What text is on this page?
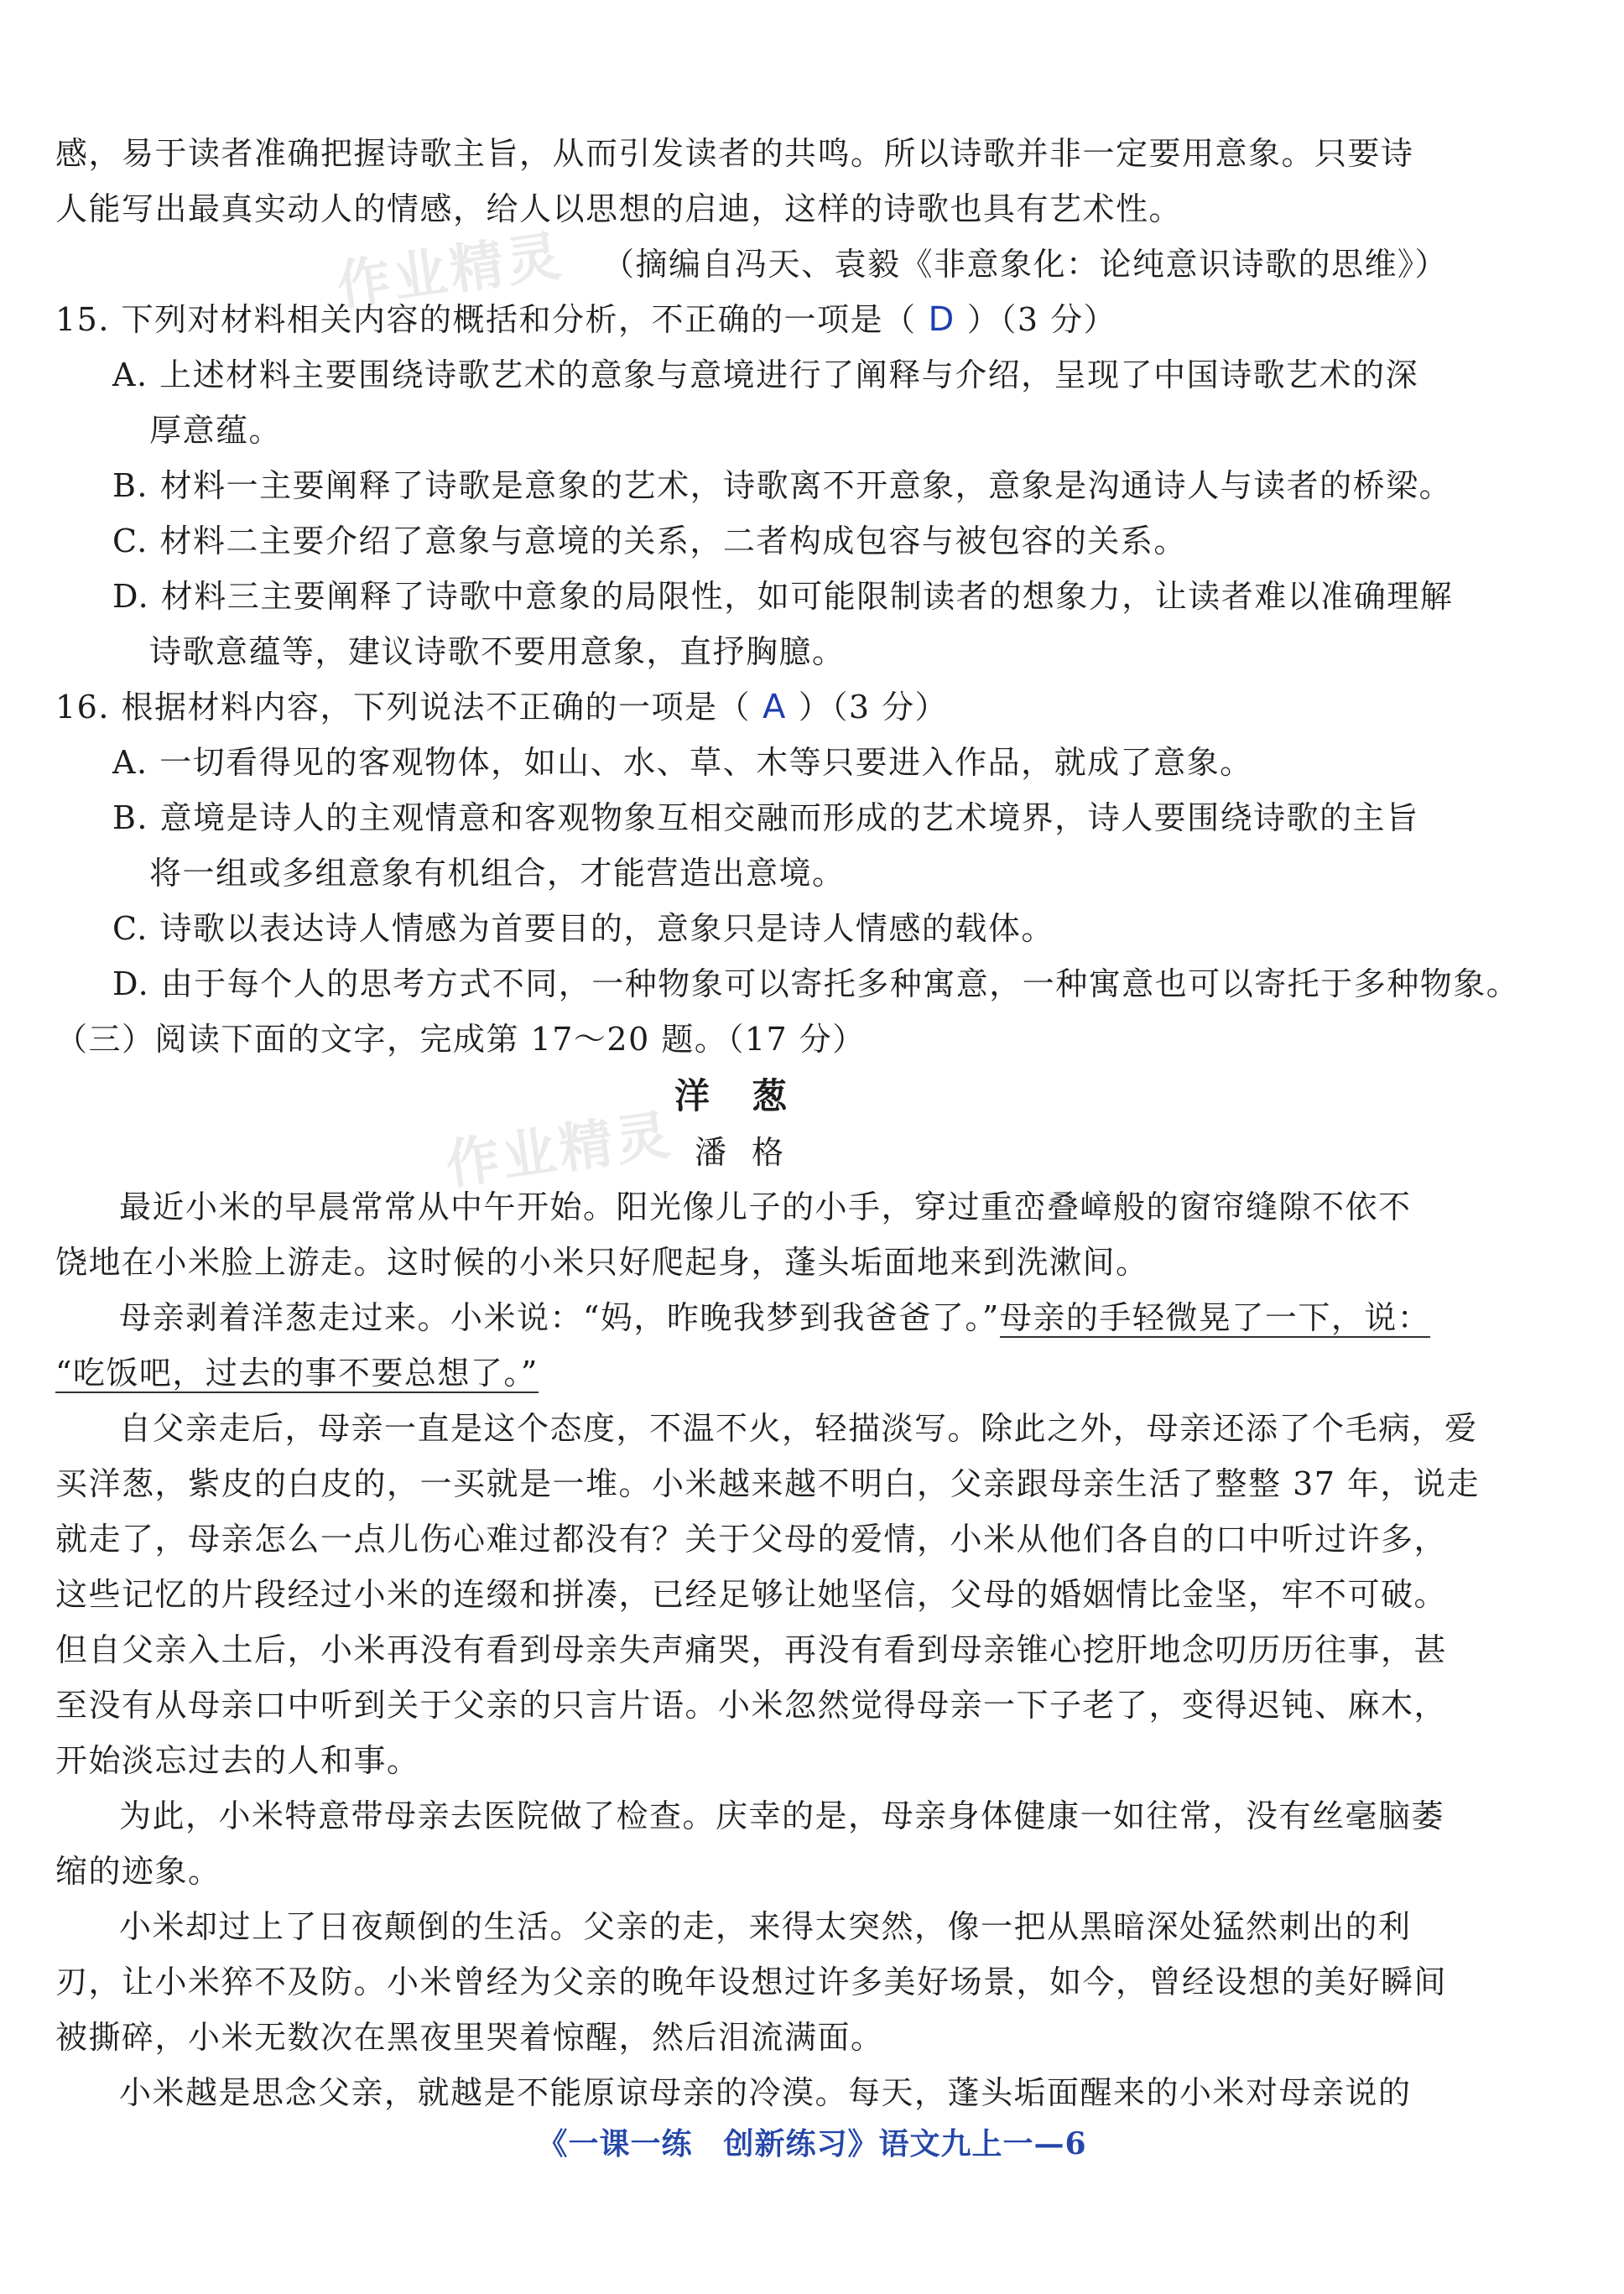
作业精灵
作业精灵
感，易于读者准确把握诗歌主旨，从而引发读者的共鸣。所以诗歌并非一定要用意象。只要诗
人能写出最真实动人的情感，给人以思想的启迪，这样的诗歌也具有艺术性。
（摘编自冯天、袁毅《非意象化：论纯意识诗歌的思维》）
15. 下列对材料相关内容的概括和分析，不正确的一项是（ D ）（3 分）
A. 上述材料主要围绕诗歌艺术的意象与意境进行了阐释与介绍，呈现了中国诗歌艺术的深
厚意蕴。
B. 材料一主要阐释了诗歌是意象的艺术，诗歌离不开意象，意象是沟通诗人与读者的桥梁。
C. 材料二主要介绍了意象与意境的关系，二者构成包容与被包容的关系。
D. 材料三主要阐释了诗歌中意象的局限性，如可能限制读者的想象力，让读者难以准确理解
诗歌意蕴等，建议诗歌不要用意象，直抒胸臆。
16. 根据材料内容，下列说法不正确的一项是（ A ）（3 分）
A. 一切看得见的客观物体，如山、水、草、木等只要进入作品，就成了意象。
B. 意境是诗人的主观情意和客观物象互相交融而形成的艺术境界，诗人要围绕诗歌的主旨
将一组或多组意象有机组合，才能营造出意境。
C. 诗歌以表达诗人情感为首要目的，意象只是诗人情感的载体。
D. 由于每个人的思考方式不同，一种物象可以寄托多种寓意，一种寓意也可以寄托于多种物象。
（三）阅读下面的文字，完成第 17～20 题。（17 分）
洋葱
潘格
最近小米的早晨常常从中午开始。阳光像儿子的小手，穿过重峦叠嶂般的窗帘缝隙不依不
饶地在小米脸上游走。这时候的小米只好爬起身，蓬头垢面地来到洗漱间。
母亲剥着洋葱走过来。小米说：“妈，昨晚我梦到我爸爸了。”母亲的手轻微晃了一下，说：
“吃饭吧，过去的事不要总想了。”
自父亲走后，母亲一直是这个态度，不温不火，轻描淡写。除此之外，母亲还添了个毛病，爱
买洋葱，紫皮的白皮的，一买就是一堆。小米越来越不明白，父亲跟母亲生活了整整 37 年，说走
就走了，母亲怎么一点儿伤心难过都没有？关于父母的爱情，小米从他们各自的口中听过许多，
这些记忆的片段经过小米的连缀和拼凑，已经足够让她坚信，父母的婚姻情比金坚，牢不可破。
但自父亲入土后，小米再没有看到母亲失声痛哭，再没有看到母亲锥心挖肝地念叨历历往事，甚
至没有从母亲口中听到关于父亲的只言片语。小米忽然觉得母亲一下子老了，变得迟钝、麻木，
开始淡忘过去的人和事。
为此，小米特意带母亲去医院做了检查。庆幸的是，母亲身体健康一如往常，没有丝毫脑萎
缩的迹象。
小米却过上了日夜颠倒的生活。父亲的走，来得太突然，像一把从黑暗深处猛然刺出的利
刃，让小米猝不及防。小米曾经为父亲的晚年设想过许多美好场景，如今，曾经设想的美好瞬间
被撕碎，小米无数次在黑夜里哭着惊醒，然后泪流满面。
小米越是思念父亲，就越是不能原谅母亲的冷漠。每天，蓬头垢面醒来的小米对母亲说的
《一课一练　创新练习》语文九上一—6
